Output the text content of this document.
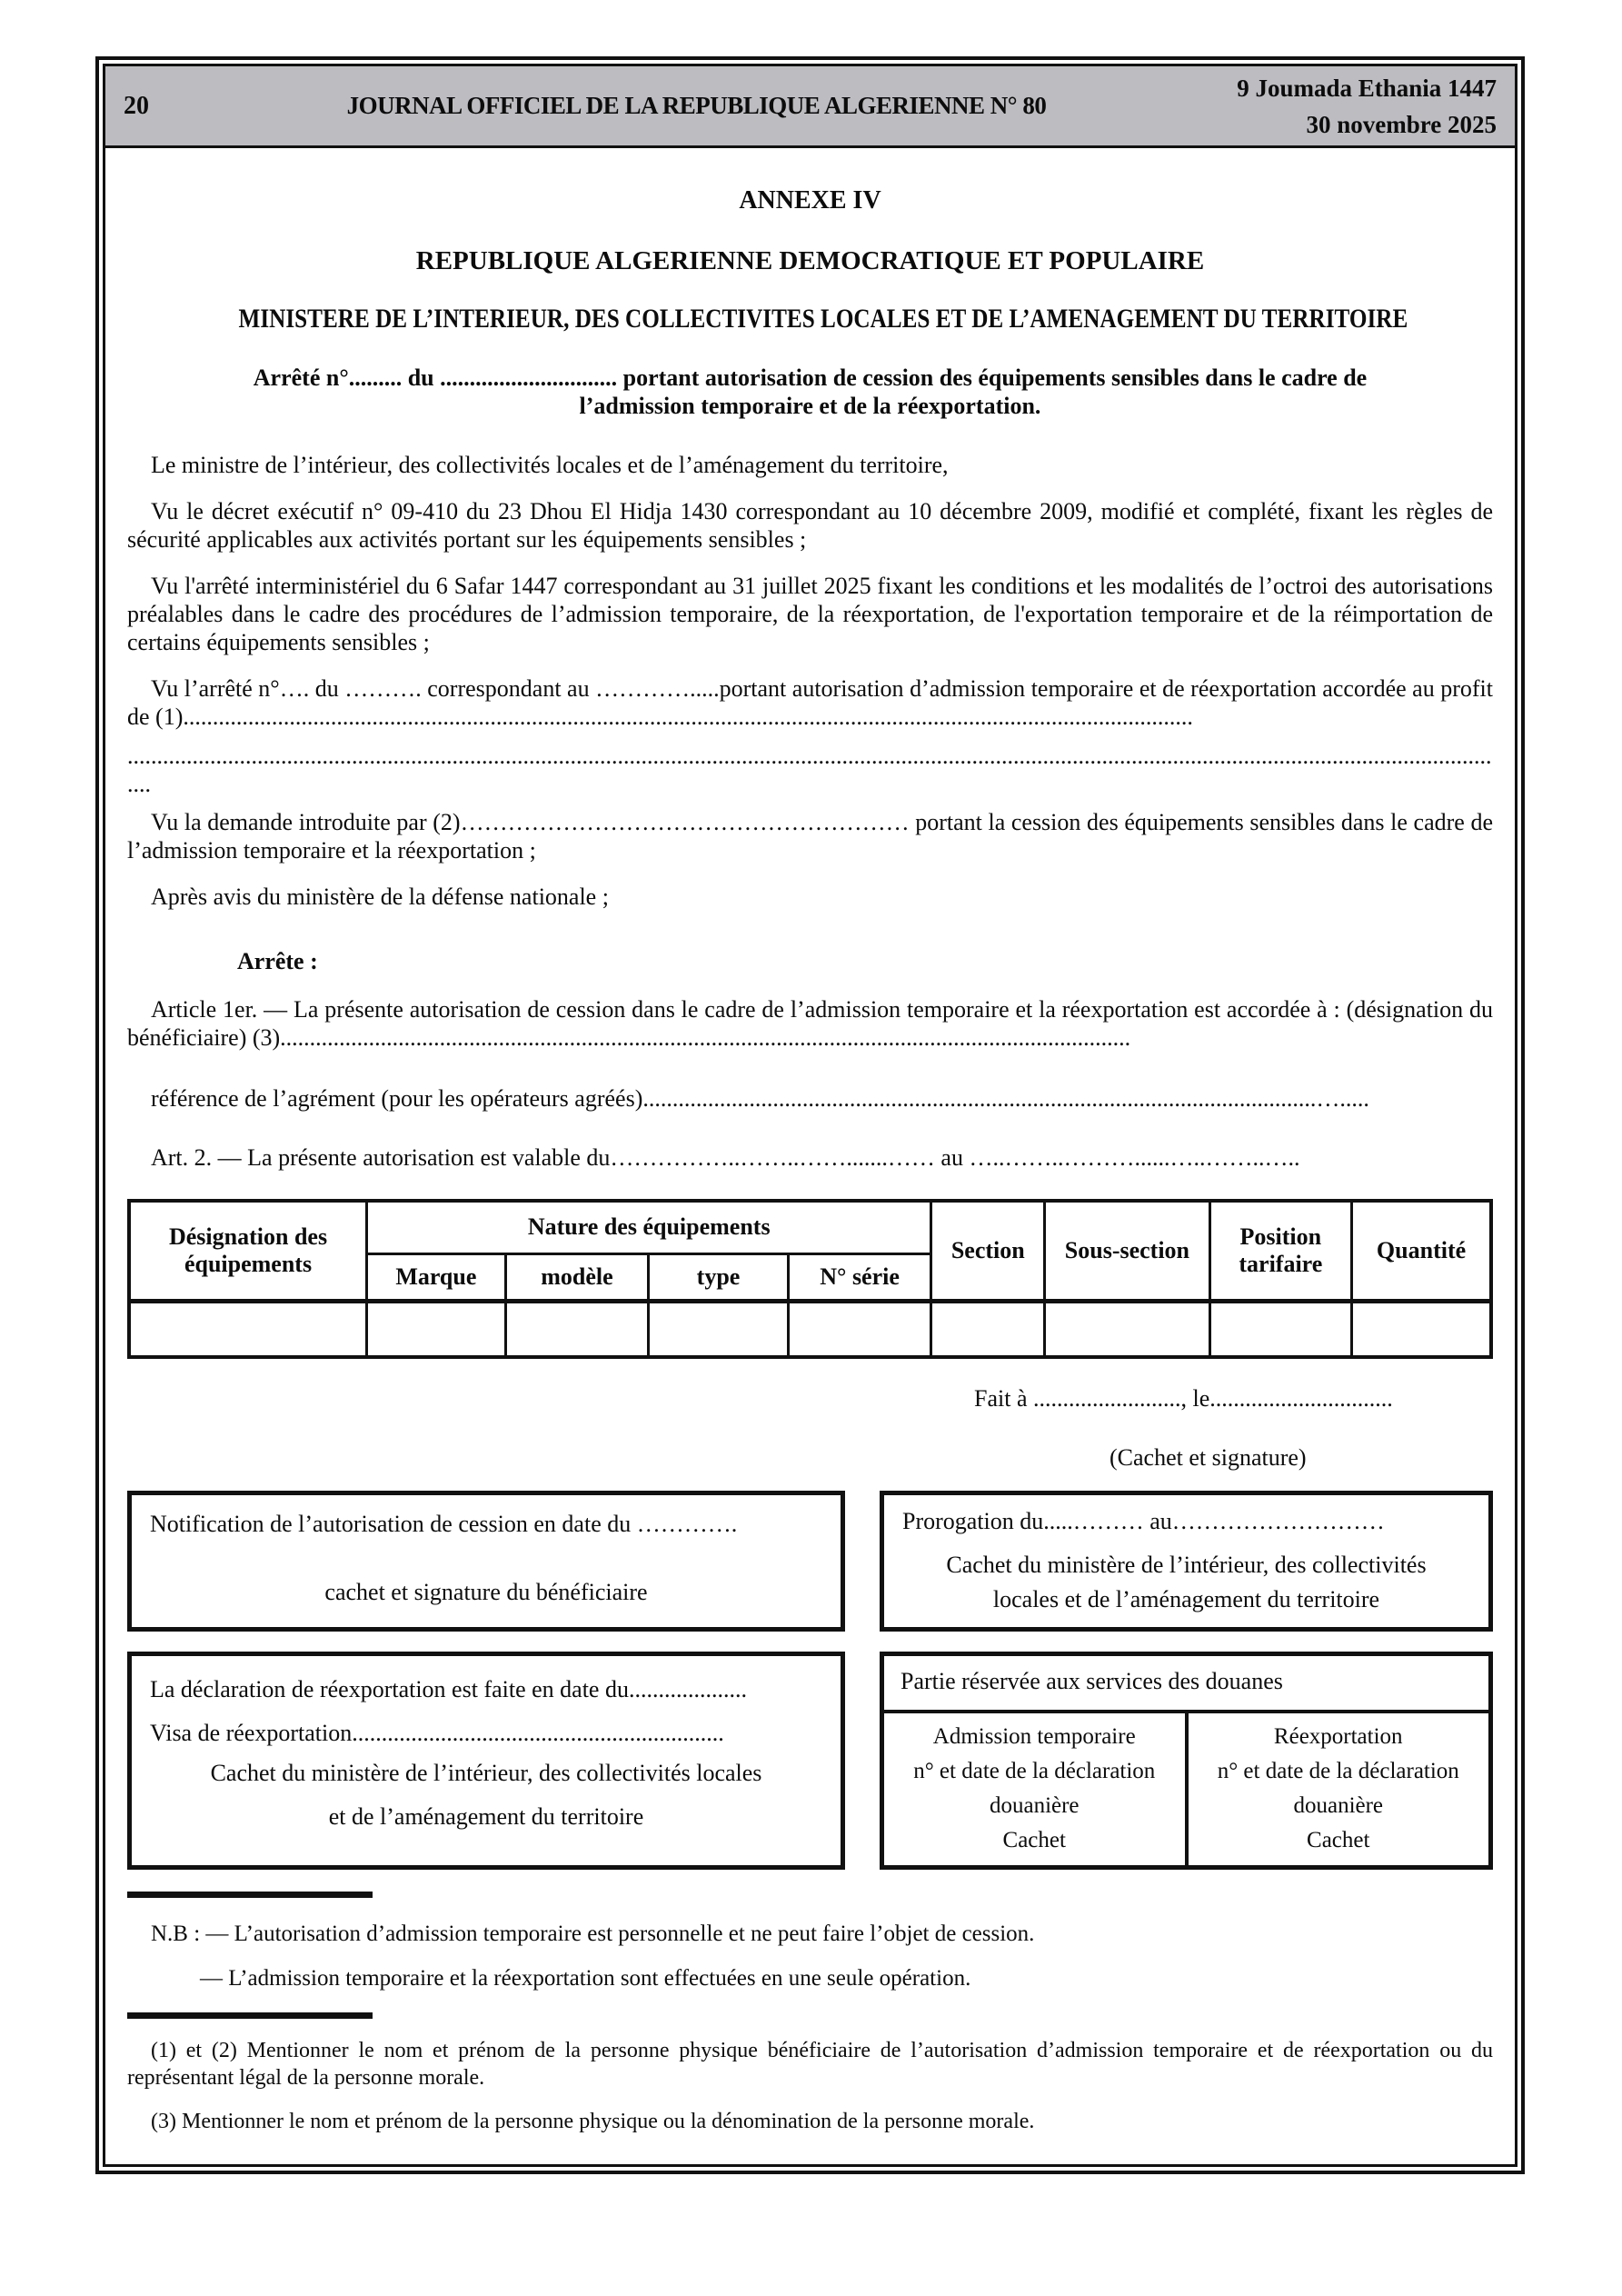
20	JOURNAL OFFICIEL DE LA REPUBLIQUE ALGERIENNE N° 80
9 Joumada Ethania 1447
30 novembre 2025
ANNEXE IV
REPUBLIQUE ALGERIENNE DEMOCRATIQUE ET POPULAIRE
MINISTERE DE L’INTERIEUR, DES COLLECTIVITES LOCALES ET DE L’AMENAGEMENT DU TERRITOIRE
Arrêté n°......... du .............................. portant autorisation de cession des équipements sensibles dans le cadre de
l’admission temporaire et de la réexportation.
Le ministre de l’intérieur, des collectivités locales et de l’aménagement du territoire,
Vu le décret exécutif n° 09-410 du 23 Dhou El Hidja 1430 correspondant au 10 décembre 2009, modifié et complété, fixant les règles de sécurité applicables aux activités portant sur les équipements sensibles ;
Vu l'arrêté interministériel du 6 Safar 1447 correspondant au 31 juillet 2025 fixant les conditions et les modalités de l’octroi des autorisations préalables dans le cadre des procédures de l’admission temporaire, de la réexportation, de l'exportation temporaire et de la réimportation de certains équipements sensibles ;
Vu l’arrêté n°…. du ………. correspondant au ………….....portant autorisation d’admission temporaire et de réexportation accordée au profit de (1)...........................................................................................................................................................................
...........................................................................................................................................................................................................................................
Vu la demande introduite par (2)………………………………………………… portant la cession des équipements sensibles dans le cadre de l’admission temporaire et la réexportation ;
Après avis du ministère de la défense nationale ;
Arrête :
Article 1er. — La présente autorisation de cession dans le cadre de l’admission temporaire et la réexportation est accordée à : (désignation du bénéficiaire) (3)................................................................................................................................................
référence de l’agrément (pour les opérateurs agréés)..................................................................................................................….....
Art. 2. — La présente autorisation est valable du……………..……..…….......…… au …..……..………......…..……..…..
Désignation des équipements	Nature des équipements				Section	Sous-section	Position tarifaire	Quantité
	Marque	modèle	type	N° série				

Fait à ........................., le...............................
(Cachet et signature)
Notification de l’autorisation de cession en date du ………….
cachet et signature du bénéficiaire
Prorogation du.....……… au………………………
Cachet du ministère de l’intérieur, des collectivités
locales et de l’aménagement du territoire
La déclaration de réexportation est faite en date du....................
Visa de réexportation...............................................................
Cachet du ministère de l’intérieur, des collectivités locales
et de l’aménagement du territoire
Partie réservée aux services des douanes
Admission temporaire
n° et date de la déclaration
douanière
Cachet
Réexportation
n° et date de la déclaration
douanière
Cachet
N.B : — L’autorisation d’admission temporaire est personnelle et ne peut faire l’objet de cession.
— L’admission temporaire et la réexportation sont effectuées en une seule opération.
(1) et (2) Mentionner le nom et prénom de la personne physique bénéficiaire de l’autorisation d’admission temporaire et de réexportation ou du représentant légal de la personne morale.
(3) Mentionner le nom et prénom de la personne physique ou la dénomination de la personne morale.
